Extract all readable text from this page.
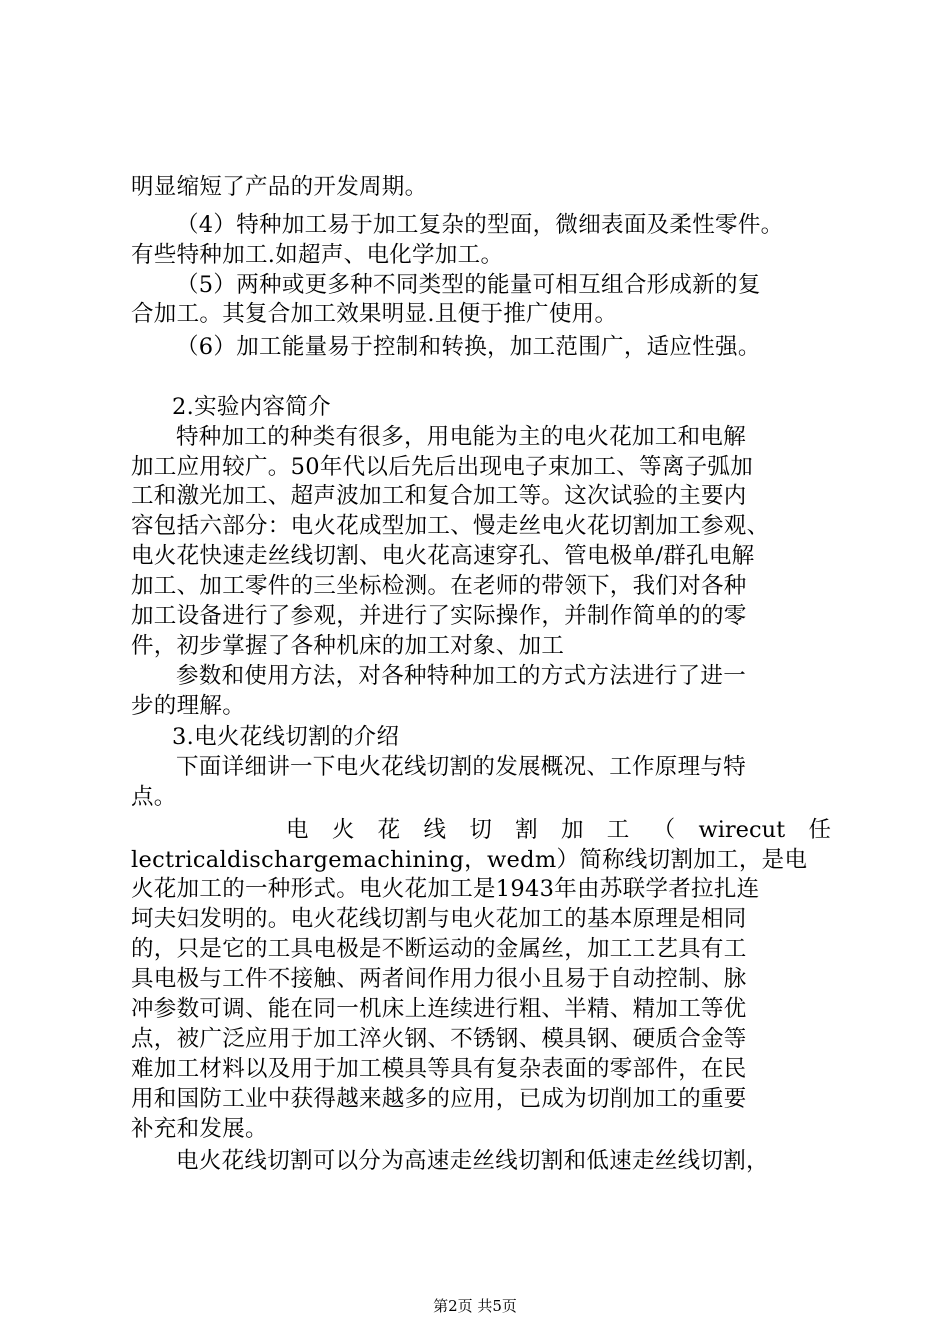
明显缩短了产品的开发周期。
（4）特种加工易于加工复杂的型面，微细表面及柔性零件。
有些特种加工.如超声、电化学加工。
（5）两种或更多种不同类型的能量可相互组合形成新的复
合加工。其复合加工效果明显.且便于推广使用。
（6）加工能量易于控制和转换，加工范围广，适应性强。
2.实验内容简介
特种加工的种类有很多，用电能为主的电火花加工和电解
加工应用较广。50年代以后先后出现电子束加工、等离子弧加
工和激光加工、超声波加工和复合加工等。这次试验的主要内
容包括六部分：电火花成型加工、慢走丝电火花切割加工参观、
电火花快速走丝线切割、电火花高速穿孔、管电极单/群孔电解
加工、加工零件的三坐标检测。在老师的带领下，我们对各种
加工设备进行了参观，并进行了实际操作，并制作简单的的零
件，初步掌握了各种机床的加工对象、加工
参数和使用方法，对各种特种加工的方式方法进行了进一
步的理解。
3.电火花线切割的介绍
下面详细讲一下电火花线切割的发展概况、工作原理与特
点。
电 火 花 线 切 割 加 工 （ wirecut 任
lectricaldischargemachining，wedm）简称线切割加工，是电
火花加工的一种形式。电火花加工是1943年由苏联学者拉扎连
坷夫妇发明的。电火花线切割与电火花加工的基本原理是相同
的，只是它的工具电极是不断运动的金属丝，加工工艺具有工
具电极与工件不接触、两者间作用力很小且易于自动控制、脉
冲参数可调、能在同一机床上连续进行粗、半精、精加工等优
点，被广泛应用于加工淬火钢、不锈钢、模具钢、硬质合金等
难加工材料以及用于加工模具等具有复杂表面的零部件，在民
用和国防工业中获得越来越多的应用，已成为切削加工的重要
补充和发展。
电火花线切割可以分为高速走丝线切割和低速走丝线切割，
第2页 共5页
